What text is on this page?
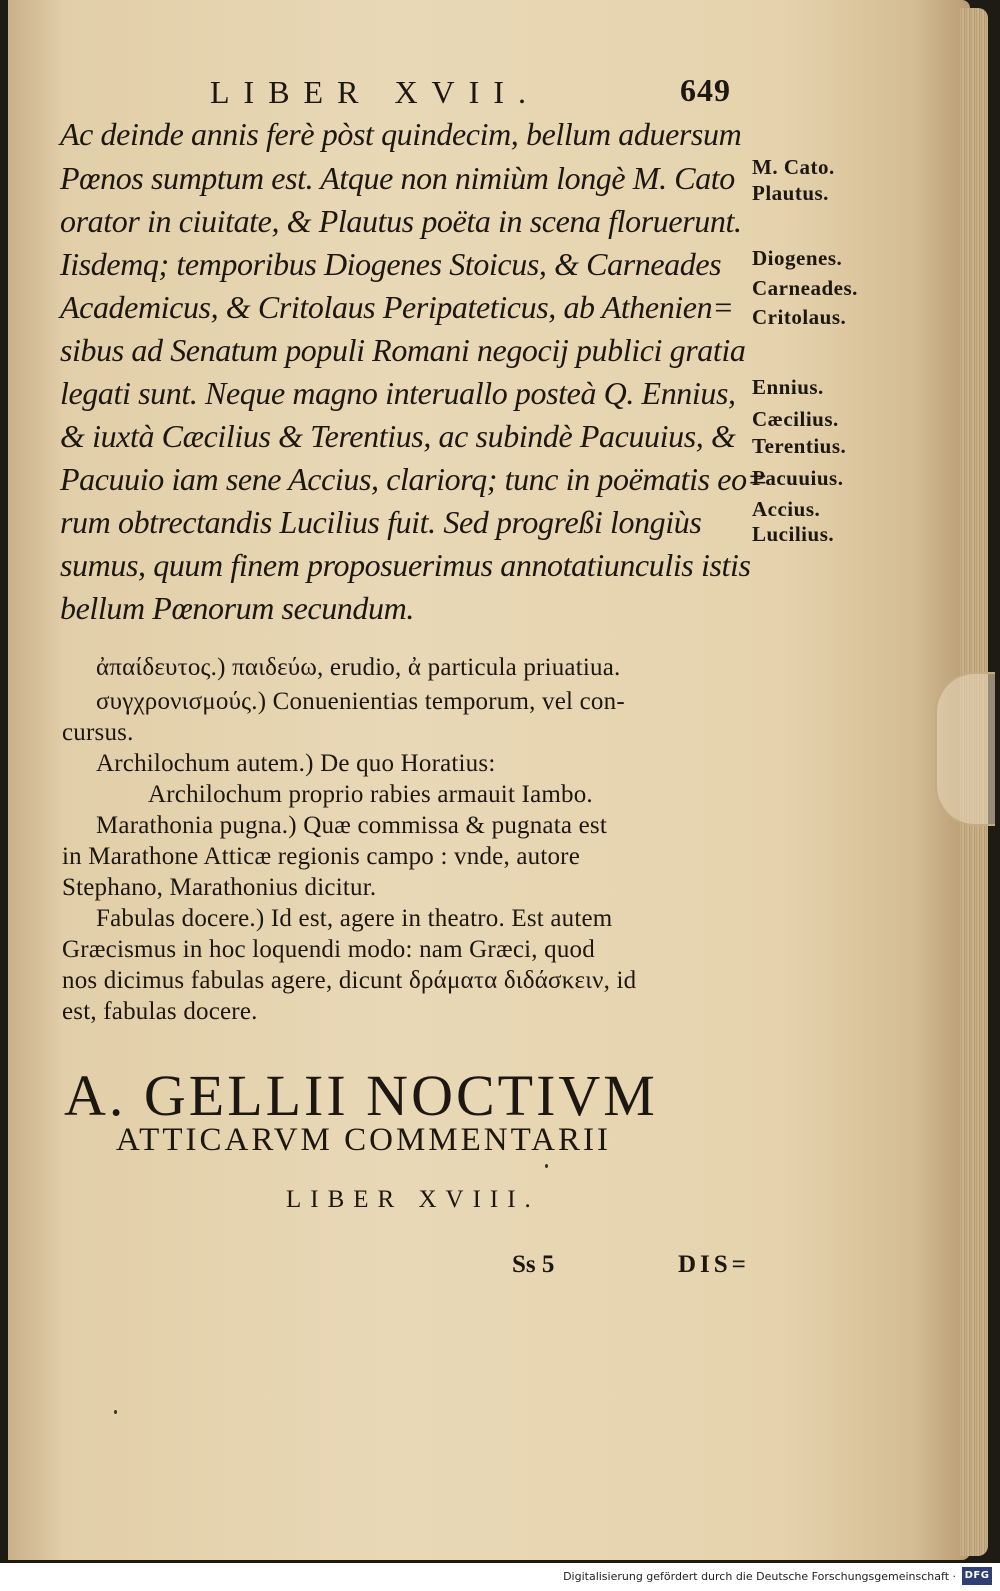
LIBER XVII.	649
Ac deinde annis ferè pòst quindecim, bellum aduersum
Pœnos sumptum est. Atque non nimiùm longè M. Cato
orator in ciuitate, & Plautus poëta in scena floruerunt.
Iisdemq; temporibus Diogenes Stoicus, & Carneades
Academicus, & Critolaus Peripateticus, ab Athenien=
sibus ad Senatum populi Romani negocij publici gratia
legati sunt. Neque magno interuallo posteà Q. Ennius,
& iuxtà Cæcilius & Terentius, ac subindè Pacuuius, &
Pacuuio iam sene Accius, clariorq; tunc in poëmatis eo=
rum obtrectandis Lucilius fuit. Sed progreßi longiùs
sumus, quum finem proposuerimus annotatiunculis istis
bellum Pœnorum secundum.
M. Cato.
Plautus.
Diogenes.
Carneades.
Critolaus.
Ennius.
Cæcilius.
Terentius.
Pacuuius.
Accius.
Lucilius.
ἀπαίδευτος.) παιδεύω, erudio, ἀ particula priuatiua.
συγχρονισμούς.) Conuenientias temporum, vel con-
cursus.
Archilochum autem.) De quo Horatius:
Archilochum proprio rabies armauit Iambo.
Marathonia pugna.) Quæ commissa & pugnata est
in Marathone Atticæ regionis campo : vnde, autore
Stephano, Marathonius dicitur.
Fabulas docere.) Id est, agere in theatro. Est autem
Græcismus in hoc loquendi modo: nam Græci, quod
nos dicimus fabulas agere, dicunt δράματα διδάσκειν, id
est, fabulas docere.
A. GELLII NOCTIVM
ATTICARVM COMMENTARII
LIBER XVIII.
Ss 5	DIS=
Digitalisierung gefördert durch die Deutsche Forschungsgemeinschaft · DFG
